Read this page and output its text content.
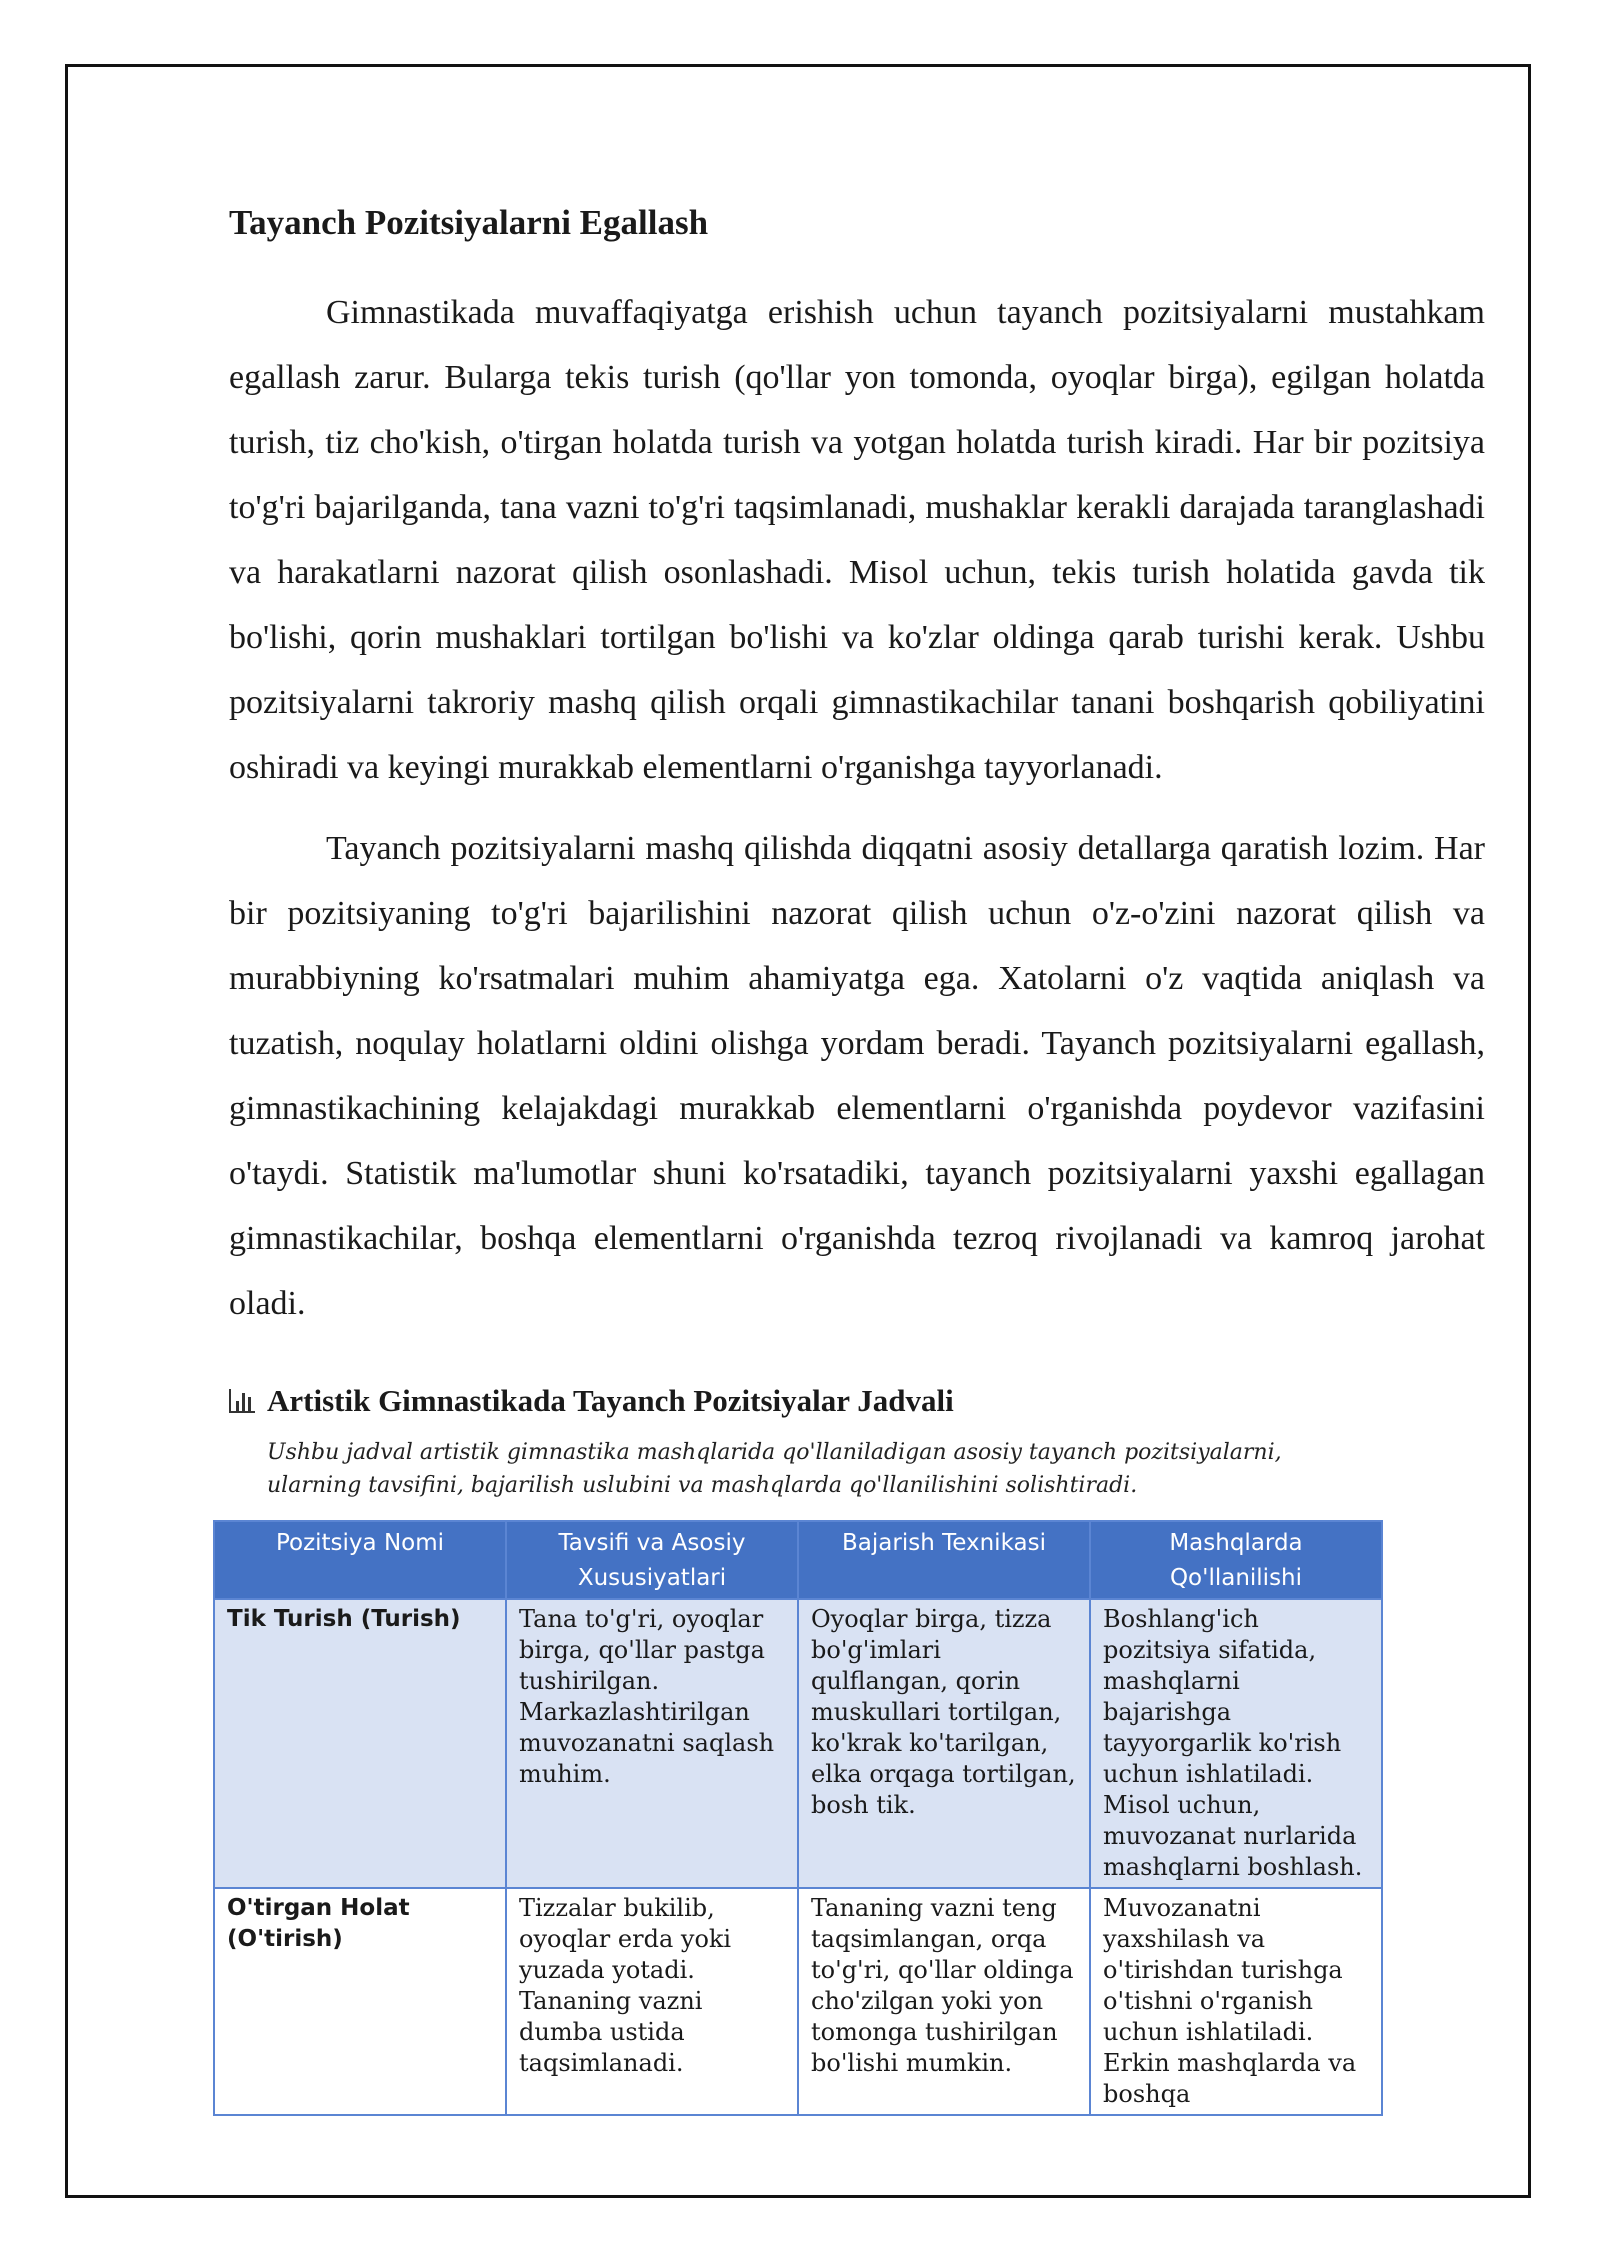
Tayanch Pozitsiyalarni Egallash

Gimnastikada muvaffaqiyatga erishish uchun tayanch pozitsiyalarni mustahkam egallash zarur. Bularga tekis turish (qo'llar yon tomonda, oyoqlar birga), egilgan holatda turish, tiz cho'kish, o'tirgan holatda turish va yotgan holatda turish kiradi. Har bir pozitsiya to'g'ri bajarilganda, tana vazni to'g'ri taqsimlanadi, mushaklar kerakli darajada taranglashadi va harakatlarni nazorat qilish osonlashadi. Misol uchun, tekis turish holatida gavda tik bo'lishi, qorin mushaklari tortilgan bo'lishi va ko'zlar oldinga qarab turishi kerak. Ushbu pozitsiyalarni takroriy mashq qilish orqali gimnastikachilar tanani boshqarish qobiliyatini oshiradi va keyingi murakkab elementlarni o'rganishga tayyorlanadi.

Tayanch pozitsiyalarni mashq qilishda diqqatni asosiy detallarga qaratish lozim. Har bir pozitsiyaning to'g'ri bajarilishini nazorat qilish uchun o'z-o'zini nazorat qilish va murabbiyning ko'rsatmalari muhim ahamiyatga ega. Xatolarni o'z vaqtida aniqlash va tuzatish, noqulay holatlarni oldini olishga yordam beradi. Tayanch pozitsiyalarni egallash, gimnastikachining kelajakdagi murakkab elementlarni o'rganishda poydevor vazifasini o'taydi. Statistik ma'lumotlar shuni ko'rsatadiki, tayanch pozitsiyalarni yaxshi egallagan gimnastikachilar, boshqa elementlarni o'rganishda tezroq rivojlanadi va kamroq jarohat oladi.

Artistik Gimnastikada Tayanch Pozitsiyalar Jadvali
Ushbu jadval artistik gimnastika mashqlarida qo'llaniladigan asosiy tayanch pozitsiyalarni, ularning tavsifini, bajarilish uslubini va mashqlarda qo'llanilishini solishtiradi.
Pozitsiya Nomi	Tavsifi va Asosiy Xususiyatlari	Bajarish Texnikasi	Mashqlarda Qo'llanilishi
Tik Turish (Turish)	Tana to'g'ri, oyoqlar birga, qo'llar pastga tushirilgan. Markazlashtirilgan muvozanatni saqlash muhim.	Oyoqlar birga, tizza bo'g'imlari qulflangan, qorin muskullari tortilgan, ko'krak ko'tarilgan, elka orqaga tortilgan, bosh tik.	Boshlang'ich pozitsiya sifatida, mashqlarni bajarishga tayyorgarlik ko'rish uchun ishlatiladi. Misol uchun, muvozanat nurlarida mashqlarni boshlash.
O'tirgan Holat (O'tirish)	Tizzalar bukilib, oyoqlar erda yoki yuzada yotadi. Tananing vazni dumba ustida taqsimlanadi.	Tananing vazni teng taqsimlangan, orqa to'g'ri, qo'llar oldinga cho'zilgan yoki yon tomonga tushirilgan bo'lishi mumkin.	Muvozanatni yaxshilash va o'tirishdan turishga o'tishni o'rganish uchun ishlatiladi. Erkin mashqlarda va boshqa
